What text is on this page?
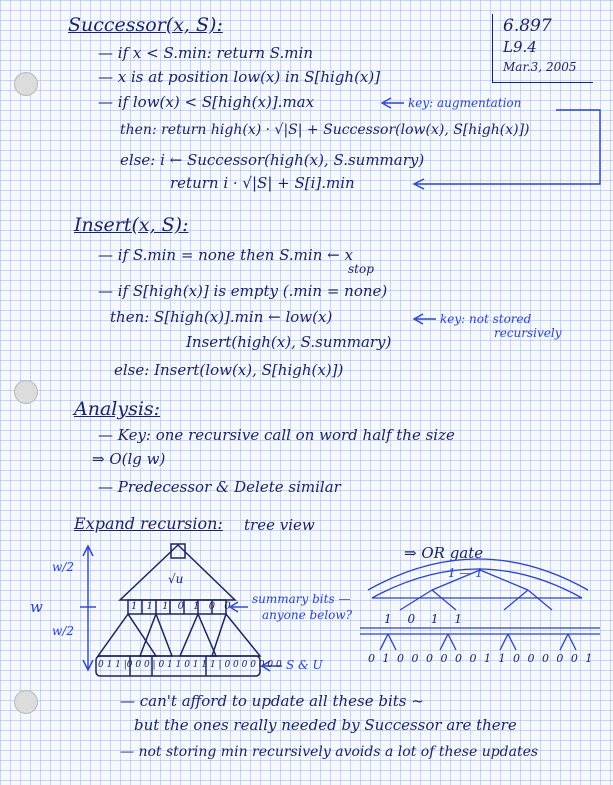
6.897
L9.4
Mar.3, 2005
Successor(x, S):
— if x < S.min: return S.min
— x is at position low(x) in S[high(x)]
— if low(x) < S[high(x)].max	key: augmentation
then: return high(x) · √|S| + Successor(low(x), S[high(x)])
else: i ← Successor(high(x), S.summary)
return i · √|S| + S[i].min
Insert(x, S):
— if S.min = none then S.min ← x
stop
— if S[high(x)] is empty (.min = none)
then: S[high(x)].min ← low(x)	key: not stored
recursively
Insert(high(x), S.summary)
else: Insert(low(x), S[high(x)])
Analysis:
— Key: one recursive call on word half the size
⇒ O(lg w)
— Predecessor & Delete similar
Expand recursion: tree view
⇒ OR gate
w/2
w
w/2
√u
1 1 1 0 1 0 0
summary bits —
anyone below?
0 1 1 |0 0 0 | 0 1 1 0 1 1 1 | 0 0 0 0 0 0 0 S & U
1 — 1
1 0 1 1
0 1 0 0 0 0 0 0 1 1 0 0 0 0 0 1
— can't afford to update all these bits ~
but the ones really needed by Successor are there
— not storing min recursively avoids a lot of these updates
